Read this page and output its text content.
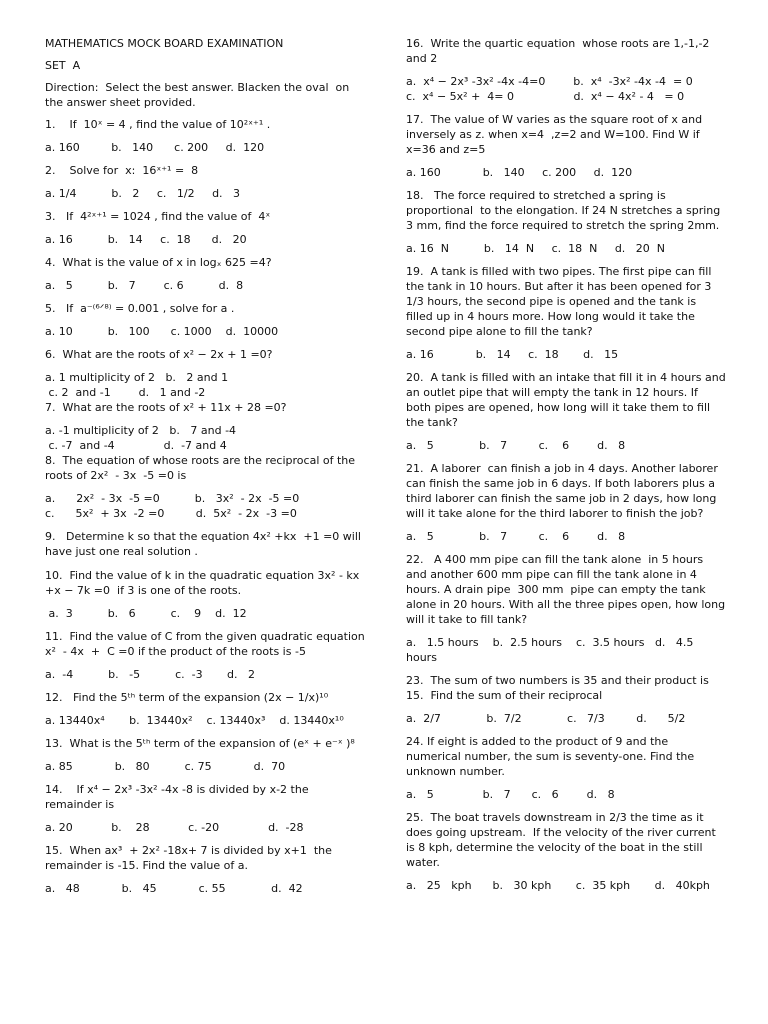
MATHEMATICS MOCK BOARD EXAMINATION

SET  A

Direction:  Select the best answer. Blacken the oval  on the answer sheet provided.

1.    If  10ˣ = 4 , find the value of 10²ˣ⁺¹ .

a. 160         b.   140      c. 200     d.  120

2.    Solve for  x:  16ˣ⁺¹ =  8

a. 1/4          b.   2     c.   1/2     d.   3

3.   If  4²ˣ⁺¹ = 1024 , find the value of  4ˣ

a. 16          b.   14     c.  18      d.   20

4.  What is the value of x in logₓ 625 =4?

a.   5          b.   7        c. 6          d.  8

5.   If  a⁻⁽⁶ᐟ⁸⁾ = 0.001 , solve for a .

a. 10          b.   100      c. 1000    d.  10000

6.  What are the roots of x² − 2x + 1 =0?

a. 1 multiplicity of 2   b.   2 and 1
c. 2  and -1        d.   1 and -2

7.  What are the roots of x² + 11x + 28 =0?

a. -1 multiplicity of 2   b.   7 and -4
c. -7  and -4              d.  -7 and 4

8.  The equation of whose roots are the reciprocal of the roots of 2x²  - 3x  -5 =0 is

a.      2x²  - 3x  -5 =0          b.   3x²  - 2x  -5 =0
c.      5x²  + 3x  -2 =0         d.  5x²  - 2x  -3 =0

9.   Determine k so that the equation 4x² +kx  +1 =0 will have just one real solution .

10.  Find the value of k in the quadratic equation 3x² - kx  +x − 7k =0  if 3 is one of the roots.

a.  3          b.   6          c.    9    d.  12

11.  Find the value of C from the given quadratic equation  x²  - 4x  +  C =0 if the product of the roots is -5

a.  -4          b.   -5          c.  -3       d.   2

12.   Find the 5ᵗʰ term of the expansion (2x − 1/x)¹⁰

a. 13440x⁴       b.  13440x²    c. 13440x³    d. 13440x¹⁰

13.  What is the 5ᵗʰ term of the expansion of (eˣ + e⁻ˣ )⁸

a. 85            b.   80          c. 75            d.  70

14.    If x⁴ − 2x³ -3x² -4x -8 is divided by x-2 the remainder is

a. 20           b.    28           c. -20              d.  -28

15.  When ax³  + 2x² -18x+ 7 is divided by x+1  the remainder is -15. Find the value of a.

a.   48            b.   45            c. 55             d.  42

16.  Write the quartic equation  whose roots are 1,-1,-2 and 2

a.  x⁴ − 2x³ -3x² -4x -4=0        b.  x⁴  -3x² -4x -4  = 0
c.  x⁴ − 5x² +  4= 0                 d.  x⁴ − 4x² - 4   = 0

17.  The value of W varies as the square root of x and inversely as z. when x=4  ,z=2 and W=100. Find W if x=36 and z=5

a. 160            b.   140     c. 200     d.  120

18.   The force required to stretched a spring is proportional  to the elongation. If 24 N stretches a spring  3 mm, find the force required to stretch the spring 2mm.

a. 16  N          b.   14  N     c.  18  N     d.   20  N

19.  A tank is filled with two pipes. The first pipe can fill the tank in 10 hours. But after it has been opened for 3 1/3 hours, the second pipe is opened and the tank is filled up in 4 hours more. How long would it take the second pipe alone to fill the tank?

a. 16            b.   14     c.  18       d.   15

20.  A tank is filled with an intake that fill it in 4 hours and an outlet pipe that will empty the tank in 12 hours. If both pipes are opened, how long will it take them to fill the tank?

a.   5             b.   7         c.    6        d.   8

21.  A laborer  can finish a job in 4 days. Another laborer can finish the same job in 6 days. If both laborers plus a third laborer can finish the same job in 2 days, how long will it take alone for the third laborer to finish the job?

a.   5             b.   7         c.    6        d.   8

22.   A 400 mm pipe can fill the tank alone  in 5 hours and another 600 mm pipe can fill the tank alone in 4 hours. A drain pipe  300 mm  pipe can empty the tank alone in 20 hours. With all the three pipes open, how long will it take to fill tank?

a.   1.5 hours    b.  2.5 hours    c.  3.5 hours   d.   4.5 hours

23.  The sum of two numbers is 35 and their product is 15.  Find the sum of their reciprocal

a.  2/7             b.  7/2             c.   7/3         d.      5/2

24. If eight is added to the product of 9 and the numerical number, the sum is seventy-one. Find the unknown number.

a.   5              b.   7      c.   6        d.   8

25.  The boat travels downstream in 2/3 the time as it does going upstream.  If the velocity of the river current is 8 kph, determine the velocity of the boat in the still water.

a.   25   kph      b.   30 kph       c.  35 kph       d.   40kph
